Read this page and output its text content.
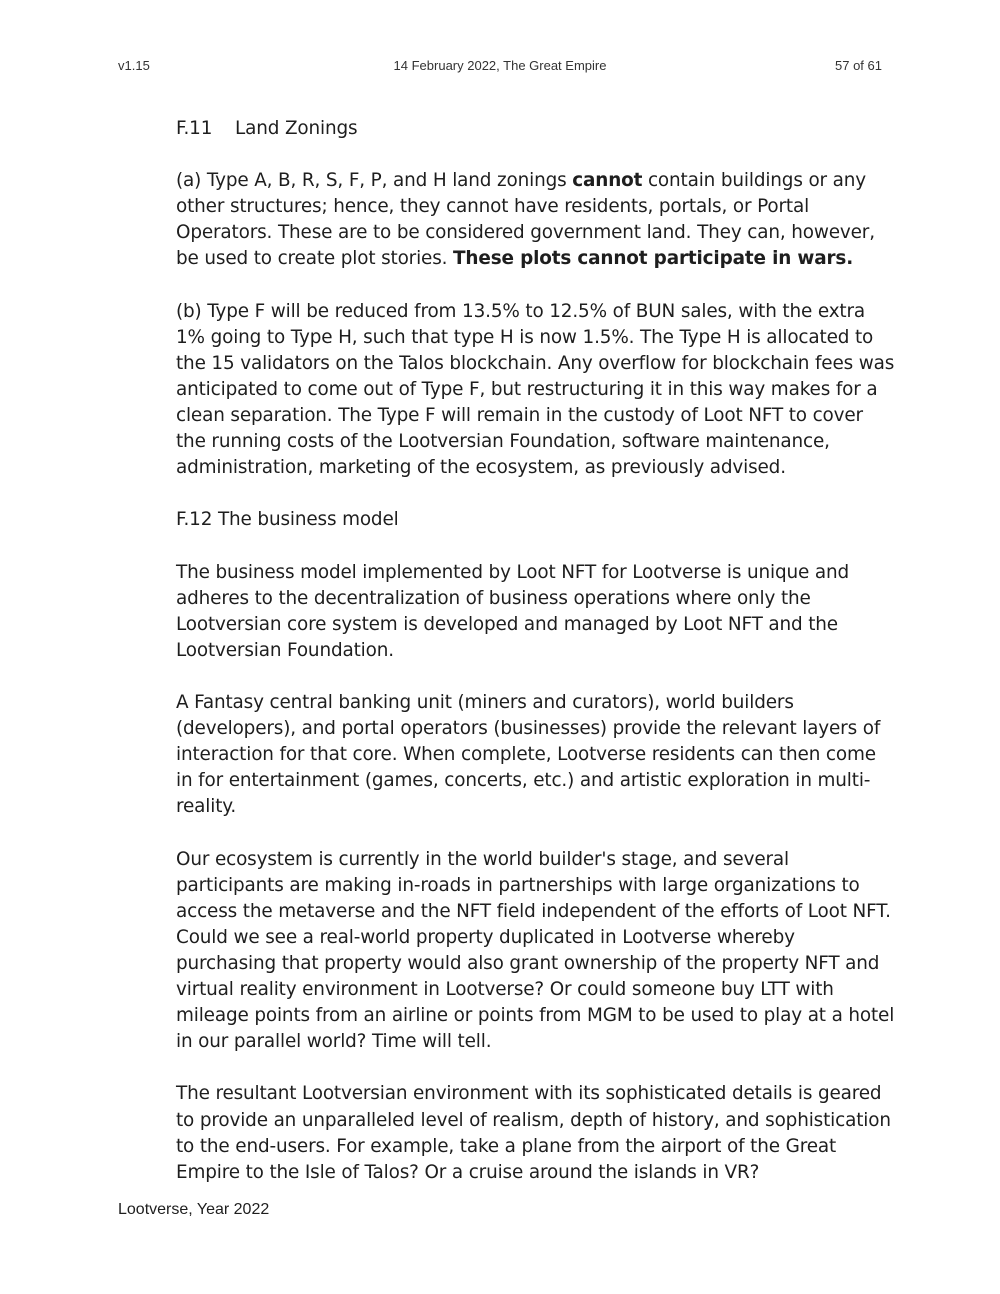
v1.15	14 February 2022, The Great Empire	57 of 61

F.11 Land Zonings

(a) Type A, B, R, S, F, P, and H land zonings cannot contain buildings or any other structures; hence, they cannot have residents, portals, or Portal Operators. These are to be considered government land. They can, however, be used to create plot stories. These plots cannot participate in wars.

(b) Type F will be reduced from 13.5% to 12.5% of BUN sales, with the extra 1% going to Type H, such that type H is now 1.5%. The Type H is allocated to the 15 validators on the Talos blockchain. Any overflow for blockchain fees was anticipated to come out of Type F, but restructuring it in this way makes for a clean separation. The Type F will remain in the custody of Loot NFT to cover the running costs of the Lootversian Foundation, software maintenance, administration, marketing of the ecosystem, as previously advised.

F.12 The business model

The business model implemented by Loot NFT for Lootverse is unique and adheres to the decentralization of business operations where only the Lootversian core system is developed and managed by Loot NFT and the Lootversian Foundation.

A Fantasy central banking unit (miners and curators), world builders (developers), and portal operators (businesses) provide the relevant layers of interaction for that core. When complete, Lootverse residents can then come in for entertainment (games, concerts, etc.) and artistic exploration in multi-reality.

Our ecosystem is currently in the world builder's stage, and several participants are making in-roads in partnerships with large organizations to access the metaverse and the NFT field independent of the efforts of Loot NFT. Could we see a real-world property duplicated in Lootverse whereby purchasing that property would also grant ownership of the property NFT and virtual reality environment in Lootverse? Or could someone buy LTT with mileage points from an airline or points from MGM to be used to play at a hotel in our parallel world? Time will tell.

The resultant Lootversian environment with its sophisticated details is geared to provide an unparalleled level of realism, depth of history, and sophistication to the end-users. For example, take a plane from the airport of the Great Empire to the Isle of Talos? Or a cruise around the islands in VR?

Lootverse, Year 2022
